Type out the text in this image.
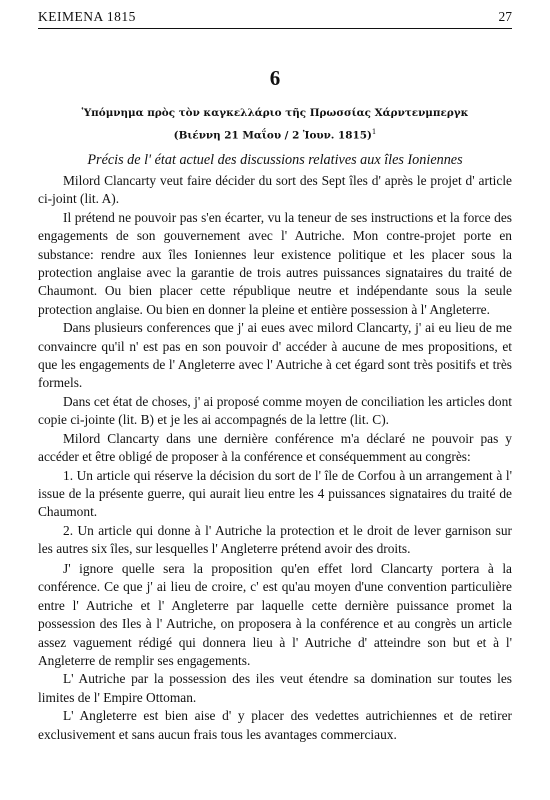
ΚΕΙΜΕΝΑ 1815	27
6
Ὑπόμνημα πρὸς τὸν καγκελλάριο τῆς Πρωσσίας Χάρντενμπεργκ
(Βιέννη 21 Μαΐου / 2 Ἰουν. 1815)$^1$
Précis de l' état actuel des discussions relatives aux îles Ioniennes

Milord Clancarty veut faire décider du sort des Sept îles d' après le projet d' article ci-joint (lit. A).

Il prétend ne pouvoir pas s'en écarter, vu la teneur de ses instructions et la force des engagements de son gouvernement avec l' Autriche. Mon contre-projet porte en substance: rendre aux îles Ioniennes leur existence politique et les placer sous la protection anglaise avec la garantie de trois autres puissances signataires du traité de Chaumont. Ou bien placer cette république neutre et indépendante sous la seule protection anglaise. Ou bien en donner la pleine et entière possession à l' Angleterre.

Dans plusieurs conferences que j' ai eues avec milord Clancarty, j' ai eu lieu de me convaincre qu'il n' est pas en son pouvoir d' accéder à aucune de mes propositions, et que les engagements de l' Angleterre avec l' Autriche à cet égard sont très positifs et très formels.

Dans cet état de choses, j' ai proposé comme moyen de conciliation les articles dont copie ci-jointe (lit. B) et je les ai accompagnés de la lettre (lit. C).

Milord Clancarty dans une dernière conférence m'a déclaré ne pouvoir pas y accéder et être obligé de proposer à la conférence et conséquemment au congrès:

1. Un article qui réserve la décision du sort de l' île de Corfou à un arrangement à l' issue de la présente guerre, qui aurait lieu entre les 4 puissances signataires du traité de Chaumont.

2. Un article qui donne à l' Autriche la protection et le droit de lever garnison sur les autres six îles, sur lesquelles l' Angleterre prétend avoir des droits.

J' ignore quelle sera la proposition qu'en effet lord Clancarty portera à la conférence. Ce que j' ai lieu de croire, c' est qu'au moyen d'une convention particulière entre l' Autriche et l' Angleterre par laquelle cette dernière puissance promet la possession des Iles à l' Autriche, on proposera à la conférence et au congrès un article assez vaguement rédigé qui donnera lieu à l' Autriche d' atteindre son but et à l' Angleterre de remplir ses engagements.

L' Autriche par la possession des iles veut étendre sa domination sur toutes les limites de l' Empire Ottoman.

L' Angleterre est bien aise d' y placer des vedettes autrichiennes et de retirer exclusivement et sans aucun frais tous les avantages commerciaux.
